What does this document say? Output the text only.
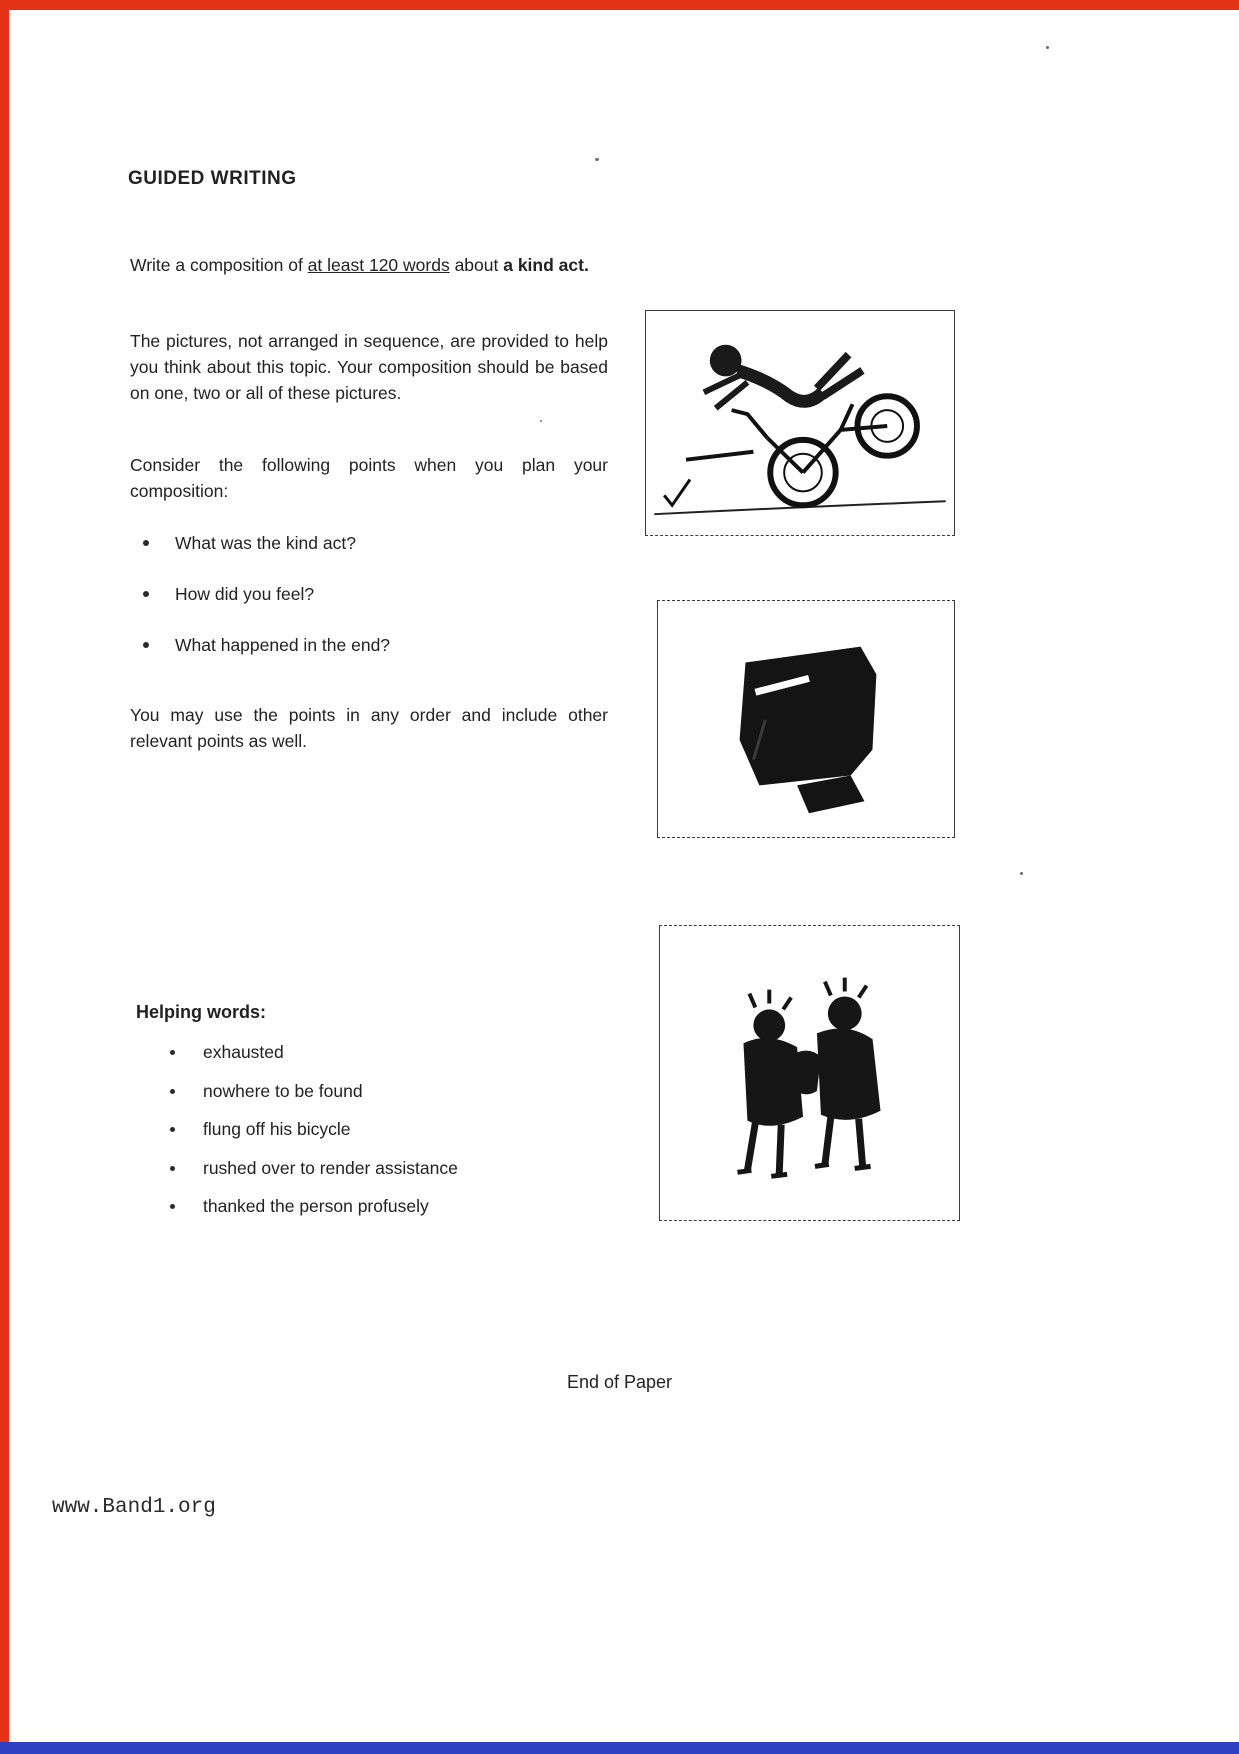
GUIDED WRITING

Write a composition of at least 120 words about a kind act.

The pictures, not arranged in sequence, are provided to help you think about this topic. Your composition should be based on one, two or all of these pictures.

Consider the following points when you plan your composition:

What was the kind act?
How did you feel?
What happened in the end?

You may use the points in any order and include other relevant points as well.

Helping words:
exhausted
nowhere to be found
flung off his bicycle
rushed over to render assistance
thanked the person profusely
End of Paper
www.Band1.org
